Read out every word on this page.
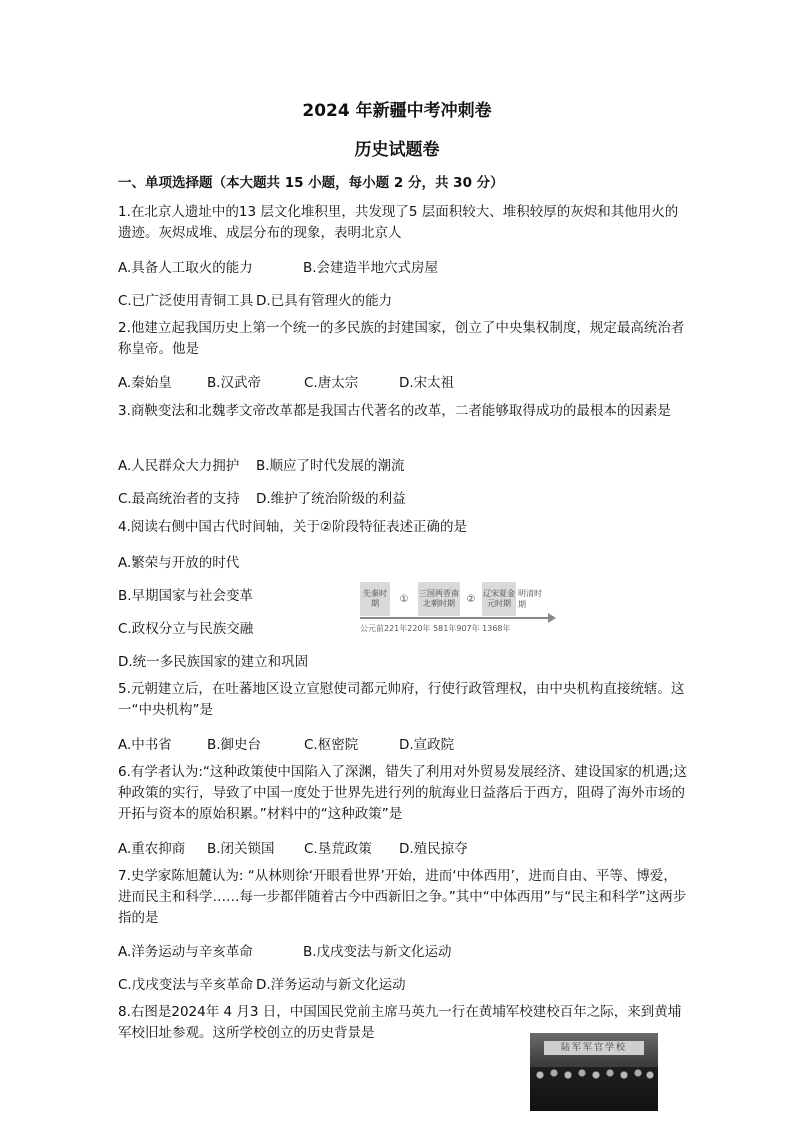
2024 年新疆中考冲刺卷
历史试题卷
一、单项选择题（本大题共 15 小题，每小题 2 分，共 30 分）
1.在北京人遗址中的13 层文化堆积里，共发现了5 层面积较大、堆积较厚的灰烬和其他用火的遗迹。灰烬成堆、成层分布的现象，表明北京人
A.具备人工取火的能力	B.会建造半地穴式房屋
C.已广泛使用青铜工具 D.已具有管理火的能力
2.他建立起我国历史上第一个统一的多民族的封建国家，创立了中央集权制度，规定最高统治者称皇帝。他是
A.秦始皇	B.汉武帝	C.唐太宗	D.宋太祖
3.商鞅变法和北魏孝文帝改革都是我国古代著名的改革，二者能够取得成功的最根本的因素是
A.人民群众大力拥护 B.顺应了时代发展的潮流
C.最高统治者的支持 D.维护了统治阶级的利益
4.阅读右侧中国古代时间轴，关于②阶段特征表述正确的是
A.繁荣与开放的时代
B.早期国家与社会变革
C.政权分立与民族交融
D.统一多民族国家的建立和巩固
先秦时期	①	三国两晋南北朝时期	② 辽宋夏金元时期
明清时期
公元前221年220年 581年907年 1368年
5.元朝建立后，在吐蕃地区设立宣慰使司都元帅府，行使行政管理权，由中央机构直接统辖。这一“中央机构”是
A.中书省	B.御史台	C.枢密院	D.宣政院
6.有学者认为:“这种政策使中国陷入了深渊，错失了利用对外贸易发展经济、建设国家的机遇;这 种政策的实行，导致了中国一度处于世界先进行列的航海业日益落后于西方，阻碍了海外市场的开拓与资本的原始积累。”材料中的“这种政策”是
A.重农抑商 B.闭关锁国 C.垦荒政策 D.殖民掠夺
7.史学家陈旭麓认为: “从林则徐‘开眼看世界’开始，进而‘中体西用’，进而自由、平等、博爱，进而民主和科学……每一步都伴随着古今中西新旧之争。”其中“中体西用”与“民主和科学”这两步指的是
A.洋务运动与辛亥革命	B.戊戌变法与新文化运动
C.戊戌变法与辛亥革命 D.洋务运动与新文化运动
8.右图是2024年 4 月3 日，中国国民党前主席马英九一行在黄埔军校建校百年之际，来到黄埔军校旧址参观。这所学校创立的历史背景是
陆军军官学校
